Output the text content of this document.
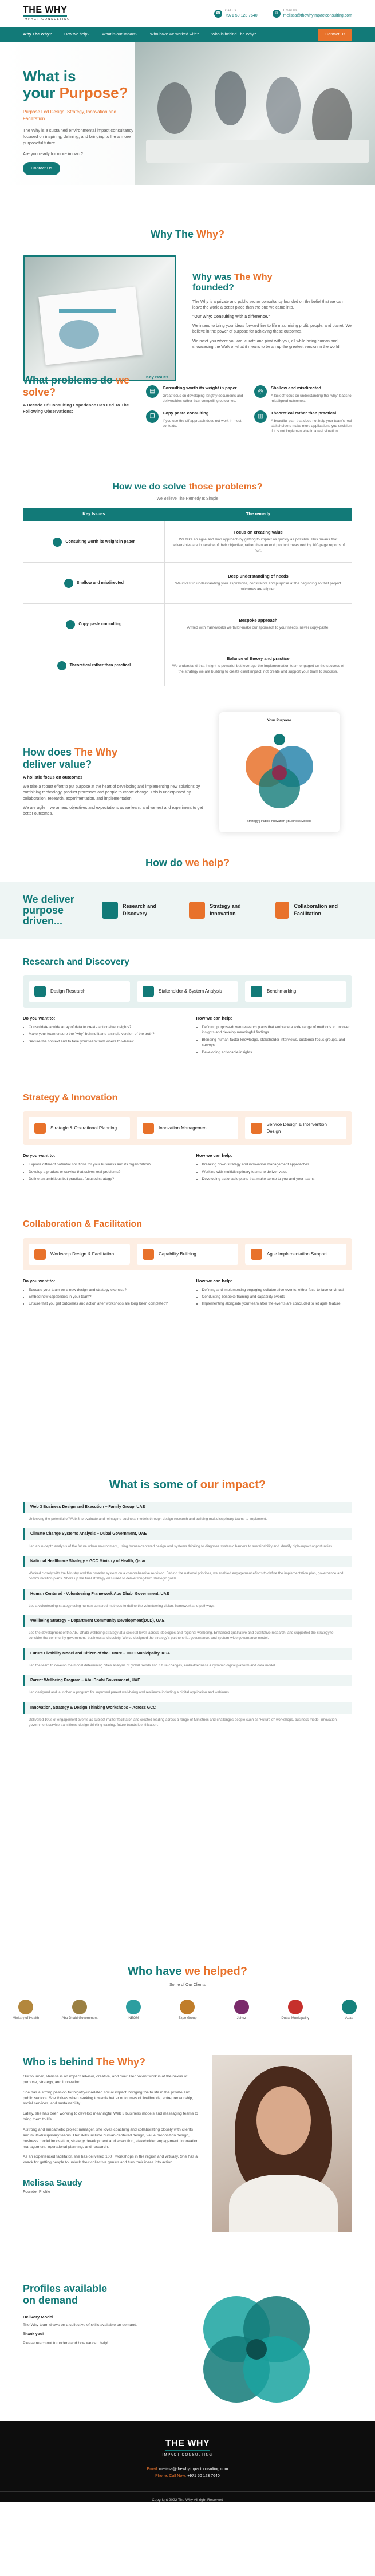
THE WHY
IMPACT CONSULTING
☎
Call Us
+971 50 123 7640
✉
Email Us
melissa@thewhyimpactconsulting.com
Why The Why?	How we help?	What is our impact?	Who have we worked with?	Who is behind The Why?	Contact Us
What is
your Purpose?
Purpose Led Design: Strategy, Innovation and Facilitation

The Why is a sustained environmental impact consultancy focused on inspiring, defining, and bringing to life a more purposeful future.

Are you ready for more impact?

Contact Us
Why The Why?
Why was The Why
founded?

The Why is a private and public sector consultancy founded on the belief that we can leave the world a better place than the one we came into.

"Our Why: Consulting with a difference."

We intend to bring your ideas forward line to life maximizing profit, people, and planet. We believe in the power of purpose for achieving these outcomes.

We meet you where you are, curate and pivot with you, all while being human and showcasing the Walk of what it means to be an up the greatest version in the world.

What problems do we solve?

A Decade Of Consulting Experience Has Led To The Following Observations:

Key Issues
▤
Consulting worth its weight in paper

Great focus on developing lengthy documents and deliverables rather than compelling outcomes.

◎
Shallow and misdirected

A lack of focus on understanding the 'why' leads to misaligned outcomes.

❐
Copy paste consulting

If you use the off approach does not work in most contexts.

▥
Theoretical rather than practical

A beautiful plan that does not help your team's real stakeholders make more applications you envision if it is not implementable in a real situation.

How we do solve those problems?
We Believe The Remedy Is Simple
Key Issues	The remedy

Consulting worth its weight in paper	Focus on creating value
We take an agile and lean approach by getting to impact as quickly as possible. This means that deliverables are in service of their objective, rather than an end product measured by 100-page reports of fluff.

Shallow and misdirected	Deep understanding of needs
We invest in understanding your aspirations, constraints and purpose at the beginning so that project outcomes are aligned.

Copy paste consulting	Bespoke approach
Armed with frameworks we tailor-make our approach to your needs, never copy-paste.

Theoretical rather than practical	Balance of theory and practice
We understand that insight is powerful but leverage the implementation team engaged on the success of the strategy we are building to create client impact, not create and support your team to success.
How does The Why
deliver value?
A holistic focus on outcomes

We take a robust effort to put purpose at the heart of developing and implementing new solutions by combining technology, product processes and people to create change. This is underpinned by collaboration, research, experimentation, and implementation.

We are agile – we amend objectives and expectations as we learn, and we test and experiment to get better outcomes.

Your Purpose
Strategy | Public Innovation | Business Models
How do we help?
We deliver purpose
driven...
Research and Discovery
Strategy and Innovation
Collaboration and Facilitation
Research and Discovery
Design Research	Stakeholder & System Analysis	Benchmarking
Do you want to:
• Consolidate a wide array of data to create actionable insights?
• Make your team ensure the "why" behind it and a single version of the truth?
• Secure the context and to take your team from where to where?
How we can help:
• Defining purpose-driven research plans that embrace a wide range of methods to uncover insights and develop meaningful findings
• Blending human-factor knowledge, stakeholder interviews, customer focus groups, and surveys
• Developing actionable insights
Strategy & Innovation
Strategic & Operational Planning	Innovation Management
Service Design & Intervention Design
Do you want to:
• Explore different potential solutions for your business and its organization?
• Develop a product or service that solves real problems?
• Define an ambitious but practical, focused strategy?
How we can help:
• Breaking down strategy and innovation management approaches
• Working with multidisciplinary teams to deliver value
• Developing actionable plans that make sense to you and your teams
Collaboration & Facilitation
Workshop Design & Facilitation	Capability Building	Agile Implementation Support
Do you want to:
• Educate your team on a new design and strategy exercise?
• Embed new capabilities in your team?
• Ensure that you get outcomes and action after workshops are long been completed?
How we can help:
• Defining and implementing engaging collaborative events, either face-to-face or virtual
• Conducting bespoke training and capability events
• Implementing alongside your team after the events are concluded to let agile feature
What is some of our impact?
Web 3 Business Design and Execution – Family Group, UAE
Unlocking the potential of Web 3 to evaluate and reimagine business models through design research and building multidisciplinary teams to implement.
Climate Change Systems Analysis – Dubai Government, UAE
Led an in-depth analysis of the future urban environment, using human-centered design and systems thinking to diagnose systemic barriers to sustainability and identify high-impact opportunities.
National Healthcare Strategy – GCC Ministry of Health, Qatar
Worked closely with the Ministry and the broader system on a comprehensive re-vision. Behind the national priorities, we enabled engagement efforts to define the implementation plan, governance and communication plans. Shore up the final strategy was used to deliver long-term strategic goals.
Human Centered - Volunteering Framework Abu Dhabi Government, UAE
Led a volunteering strategy using human-centered methods to define the volunteering vision, framework and pathways.
Wellbeing Strategy – Department Community Development(DCD), UAE
Led the development of the Abu Dhabi wellbeing strategy at a societal level, across ideologies and regional wellbeing. Enhanced qualitative and qualitative research, and supported the strategy to consider the community government, business and society. We co-designed the strategy's partnership, governance, and system-wide governance model.
Future Livability Model and Citizen of the Future – DCO Municipality, KSA
Led the team to develop the model determining cities analysis of global trends and future changes, embeddedness a dynamic digital platform and data model.
Parent Wellbeing Program – Abu Dhabi Government, UAE
Led designed and launched a program for improved parent well-being and resilience including a digital application and webinars.
Innovation, Strategy & Design Thinking Workshops – Across GCC
Delivered 100s of engagement events as subject-matter facilitator, and created leading across a range of Ministries and challenges people such as 'Future of' workshops, business model innovation, government service transitions, design thinking training, future trends identification.
Who have we helped?
Some of Our Clients
Ministry of Health	Abu Dhabi Government	NEOM	Expo Group	Jahez	Dubai Municipality	Adaa
Who is behind The Why?

Our founder, Melissa is an impact advisor, creative, and doer. Her recent work is at the nexus of purpose, strategy, and innovation.

She has a strong passion for bigotry-unrelated social impact, bringing the to life in the private and public sectors. She thrives when seeking towards better outcomes of livelihoods, entrepreneurship, social services, and sustainability.

Lately, she has been working to develop meaningful Web 3 business models and messaging teams to bring them to life.

A strong and empathetic project manager, she loves coaching and collaborating closely with clients and multi-disciplinary teams. Her skills include human-centered design, value proposition design, business model innovation, strategy development and execution, stakeholder engagement, innovation management, operational planning, and research.

As an experienced facilitator, she has delivered 100+ workshops in the region and virtually. She has a knack for getting people to unlock their collective genius and turn their ideas into action.

Melissa Saudy
Founder Profile
Profiles available
on demand
Delivery Model

The Why team draws on a collective of skills available on demand.

Thank you!

Please reach out to understand how we can help!

THE WHY
IMPACT CONSULTING
Email: melissa@thewhyimpactconsulting.com
Phone: Call Now: +971 50 123 7640
Copyright 2022 The Why All right Reserved
